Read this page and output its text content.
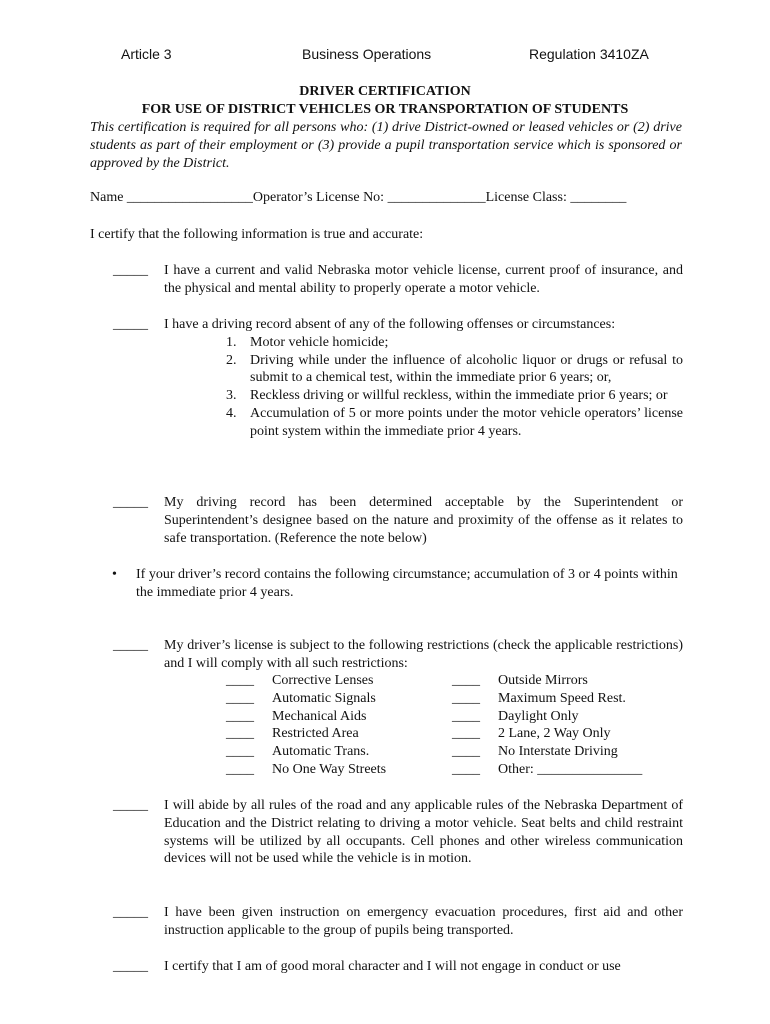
Article 3	Business Operations	Regulation 3410ZA
DRIVER CERTIFICATION
FOR USE OF DISTRICT VEHICLES OR TRANSPORTATION OF STUDENTS
This certification is required for all persons who: (1) drive District-owned or leased vehicles or (2) drive students as part of their employment or (3) provide a pupil transportation service which is sponsored or approved by the District.
Name __________________Operator’s License No: ______________License Class: ________
I certify that the following information is true and accurate:
_____ I have a current and valid Nebraska motor vehicle license, current proof of insurance, and the physical and mental ability to properly operate a motor vehicle.
_____ I have a driving record absent of any of the following offenses or circumstances:
1. Motor vehicle homicide;
2. Driving while under the influence of alcoholic liquor or drugs or refusal to submit to a chemical test, within the immediate prior 6 years; or,
3. Reckless driving or willful reckless, within the immediate prior 6 years; or
4. Accumulation of 5 or more points under the motor vehicle operators’ license point system within the immediate prior 4 years.
_____ My driving record has been determined acceptable by the Superintendent or Superintendent’s designee based on the nature and proximity of the offense as it relates to safe transportation. (Reference the note below)
• If your driver’s record contains the following circumstance; accumulation of 3 or 4 points within the immediate prior 4 years.
_____ My driver’s license is subject to the following restrictions (check the applicable restrictions) and I will comply with all such restrictions:
____ Corrective Lenses
____ Automatic Signals
____ Mechanical Aids
____ Restricted Area
____ Automatic Trans.
____ No One Way Streets
____ Outside Mirrors
____ Maximum Speed Rest.
____ Daylight Only
____ 2 Lane, 2 Way Only
____ No Interstate Driving
____ Other: _______________
_____ I will abide by all rules of the road and any applicable rules of the Nebraska Department of Education and the District relating to driving a motor vehicle. Seat belts and child restraint systems will be utilized by all occupants. Cell phones and other wireless communication devices will not be used while the vehicle is in motion.
_____ I have been given instruction on emergency evacuation procedures, first aid and other instruction applicable to the group of pupils being transported.
_____ I certify that I am of good moral character and I will not engage in conduct or use
